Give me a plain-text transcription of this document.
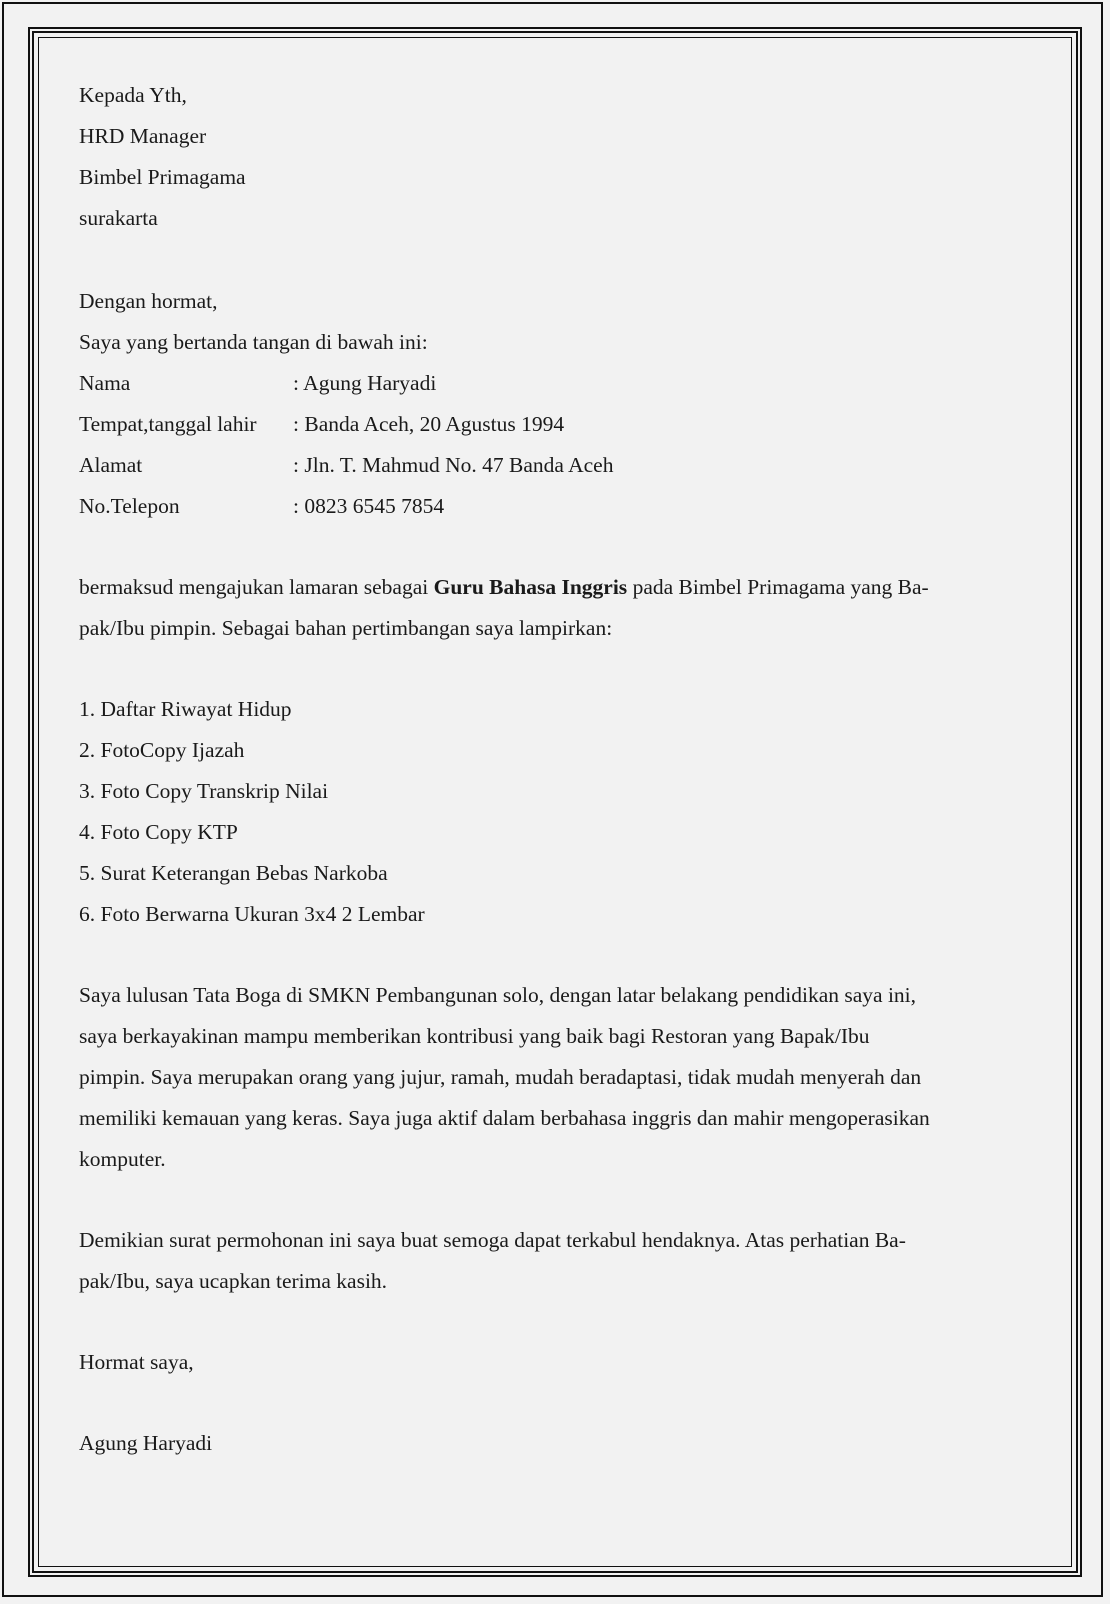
Kepada Yth,
HRD Manager
Bimbel Primagama
surakarta
Dengan hormat,
Saya yang bertanda tangan di bawah ini:
Nama	: Agung Haryadi
Tempat,tanggal lahir	: Banda Aceh, 20 Agustus 1994
Alamat	: Jln. T. Mahmud No. 47 Banda Aceh
No.Telepon	: 0823 6545 7854
bermaksud mengajukan lamaran sebagai Guru Bahasa Inggris pada Bimbel Primagama yang Ba-
pak/Ibu pimpin. Sebagai bahan pertimbangan saya lampirkan:
1. Daftar Riwayat Hidup
2. FotoCopy Ijazah
3. Foto Copy Transkrip Nilai
4. Foto Copy KTP
5. Surat Keterangan Bebas Narkoba
6. Foto Berwarna Ukuran 3x4 2 Lembar
Saya lulusan Tata Boga di SMKN Pembangunan solo, dengan latar belakang pendidikan saya ini,
saya berkayakinan mampu memberikan kontribusi yang baik bagi Restoran yang Bapak/Ibu
pimpin. Saya merupakan orang yang jujur, ramah, mudah beradaptasi, tidak mudah menyerah dan
memiliki kemauan yang keras. Saya juga aktif dalam berbahasa inggris dan mahir mengoperasikan
komputer.
Demikian surat permohonan ini saya buat semoga dapat terkabul hendaknya. Atas perhatian Ba-
pak/Ibu, saya ucapkan terima kasih.
Hormat saya,
Agung Haryadi
